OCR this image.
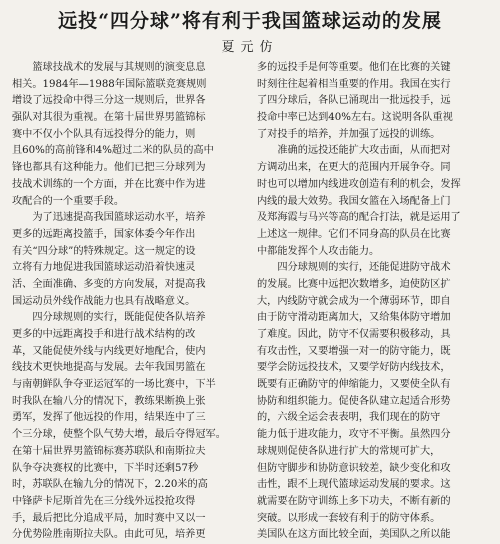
远投“四分球”将有利于我国篮球运动的发展
夏元仿
　　篮球技战术的发展与其规则的演变息息
相关。1984年—1988年国际篮联竞赛规则
增设了远投命中得三分这一规则后，世界各
强队对其很为重视。在第十届世界男篮锦标
赛中不仅小个队具有远投得分的能力，则
且60%的高前锋和4%超过二米的队员的高中
锋也都具有这种能力。他们已把三分球列为
技战术训练的一个方面，并在比赛中作为进
攻配合的一个重要手段。
　　为了迅速提高我国篮球运动水平，培养
更多的远距离投篮手，国家体委今年作出
有关“四分球”的特殊规定。这一规定的设
立将有力地促进我国篮球运动沿着快速灵
活、全面准确、多变的方向发展，对提高我
国运动员外线作战能力也具有战略意义。
　　四分球规则的实行，既能促使各队培养
更多的中远距离投手和进行战术结构的改
革，又能促使外线与内线更好地配合，使内
线技术更快地提高与发展。去年我国男篮在
与南朝鲜队争夺亚运冠军的一场比赛中，下半
时我队在输八分的情况下，教练果断换上张
勇军，发挥了他远投的作用，结果连中了三
个三分球，使整个队气势大增，最后夺得冠军。
在第十届世界男篮锦标赛苏联队和南斯拉夫
队争夺决赛权的比赛中，下半时还剩57秒
时，苏联队在输九分的情况下，2.20米的高
中锋萨卡尼斯首先在三分线外远投抢攻得
手，最后把比分追成平局，加时赛中又以一
分优势险胜南斯拉夫队。由此可见，培养更
多的远投手是何等重要。他们在比赛的关键
时刻往往起着相当重要的作用。我国在实行
了四分球后，各队已涌现出一批远投手，远
投命中率已达到40%左右。这说明各队重视
了对投手的培养，并加强了远投的训练。
　　准确的远投还能扩大攻击面，从而把对
方调动出来，在更大的范围内开展争夺。同
时也可以增加内线进攻创造有利的机会，发挥
内线的最大效势。我国女篮在入场配备上门
及郑海霞与马兴等高的配合打法，就是运用了
上述这一规律。它们不同身高的队员在比赛
中都能发挥个人攻击能力。
　　四分球规则的实行，还能促进防守战术
的发展。比赛中远把次数增多，迫使防区扩
大，内线防守就会成为一个薄弱环节，即自
由于防守滑动距离加大，又给集体防守增加
了难度。因此，防守不仅需要积极移动，具
有攻击性，又要增强一对一的防守能力，既
要学会防远投技术，又要学好防内线技术，
既要有正确防守的伸缩能力，又要使全队有
协防和组织能力。促使各队建立起适合形势
的，六级全运会表表明，我们现在的防守
能力低于进攻能力，攻守不平衡。虽然四分
球规则促使各队进行扩大的常规可扩大，
但防守脚步和协防意识较差，缺少变化和攻
击性，跟不上现代篮球运动发展的要求。这
就需要在防守训练上多下功夫，不断有新的
突破。以形成一套较有利于的防守体系。
美国队在这方面比较全面，美国队之所以能
